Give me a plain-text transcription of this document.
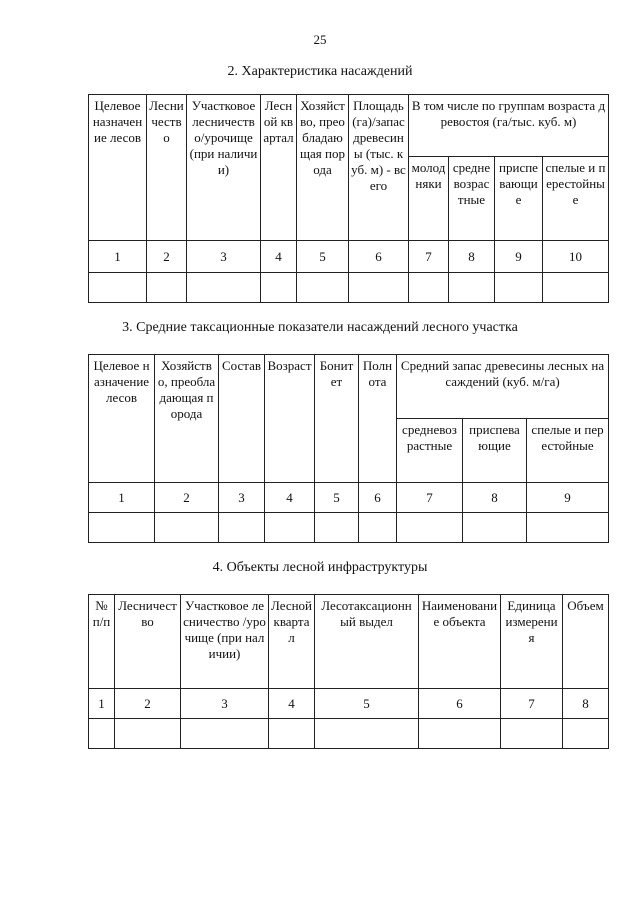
25
2. Характеристика насаждений
Целевое назначение лесов	Лесничество	Участковое лесничество/урочище (при наличии)	Лесной квартал	Хозяйство, преобладающая порода	Площадь (га)/запас древесины (тыс. куб. м) - всего	В том числе по группам возраста древостоя (га/тыс. куб. м)			
						молодняки	средневозрастные	приспевающие	спелые и перестойные
1	2	3	4	5	6	7	8	9	10

3. Средние таксационные показатели насаждений лесного участка
Целевое назначение лесов	Хозяйство, преобладающая порода	Состав	Возраст	Бонитет	Полнота	Средний запас древесины лесных насаждений (куб. м/га)		
						средневозрастные	приспевающие	спелые и перестойные
1	2	3	4	5	6	7	8	9

4. Объекты лесной инфраструктуры
№ п/п	Лесничество	Участковое лесничество /урочище (при наличии)	Лесной квартал	Лесотаксационный выдел	Наименование объекта	Единица измерения	Объем
1	2	3	4	5	6	7	8
